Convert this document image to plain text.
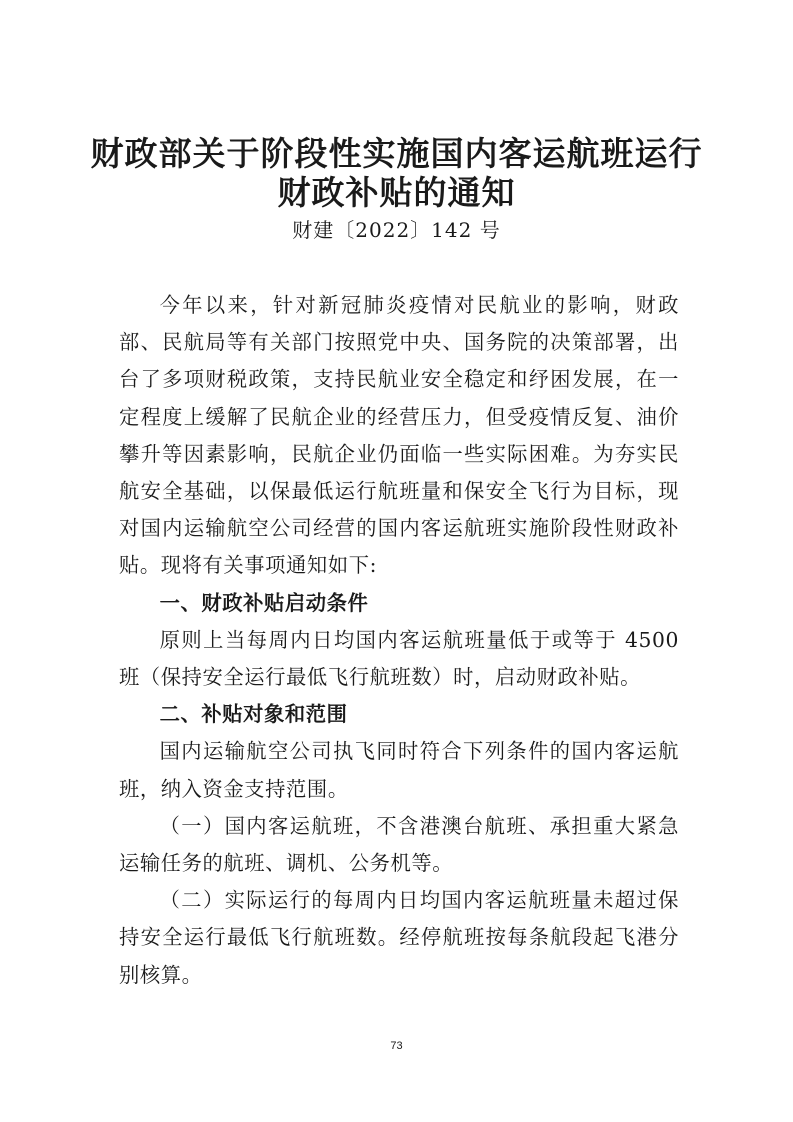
财政部关于阶段性实施国内客运航班运行
财政补贴的通知
财建〔2022〕142 号

今年以来，针对新冠肺炎疫情对民航业的影响，财政部、民航局等有关部门按照党中央、国务院的决策部署，出台了多项财税政策，支持民航业安全稳定和纾困发展，在一定程度上缓解了民航企业的经营压力，但受疫情反复、油价攀升等因素影响，民航企业仍面临一些实际困难。为夯实民航安全基础，以保最低运行航班量和保安全飞行为目标，现对国内运输航空公司经营的国内客运航班实施阶段性财政补贴。现将有关事项通知如下:

一、财政补贴启动条件

原则上当每周内日均国内客运航班量低于或等于 4500 班（保持安全运行最低飞行航班数）时，启动财政补贴。

二、补贴对象和范围

国内运输航空公司执飞同时符合下列条件的国内客运航班，纳入资金支持范围。

（一）国内客运航班，不含港澳台航班、承担重大紧急运输任务的航班、调机、公务机等。

（二）实际运行的每周内日均国内客运航班量未超过保持安全运行最低飞行航班数。经停航班按每条航段起飞港分别核算。

73
